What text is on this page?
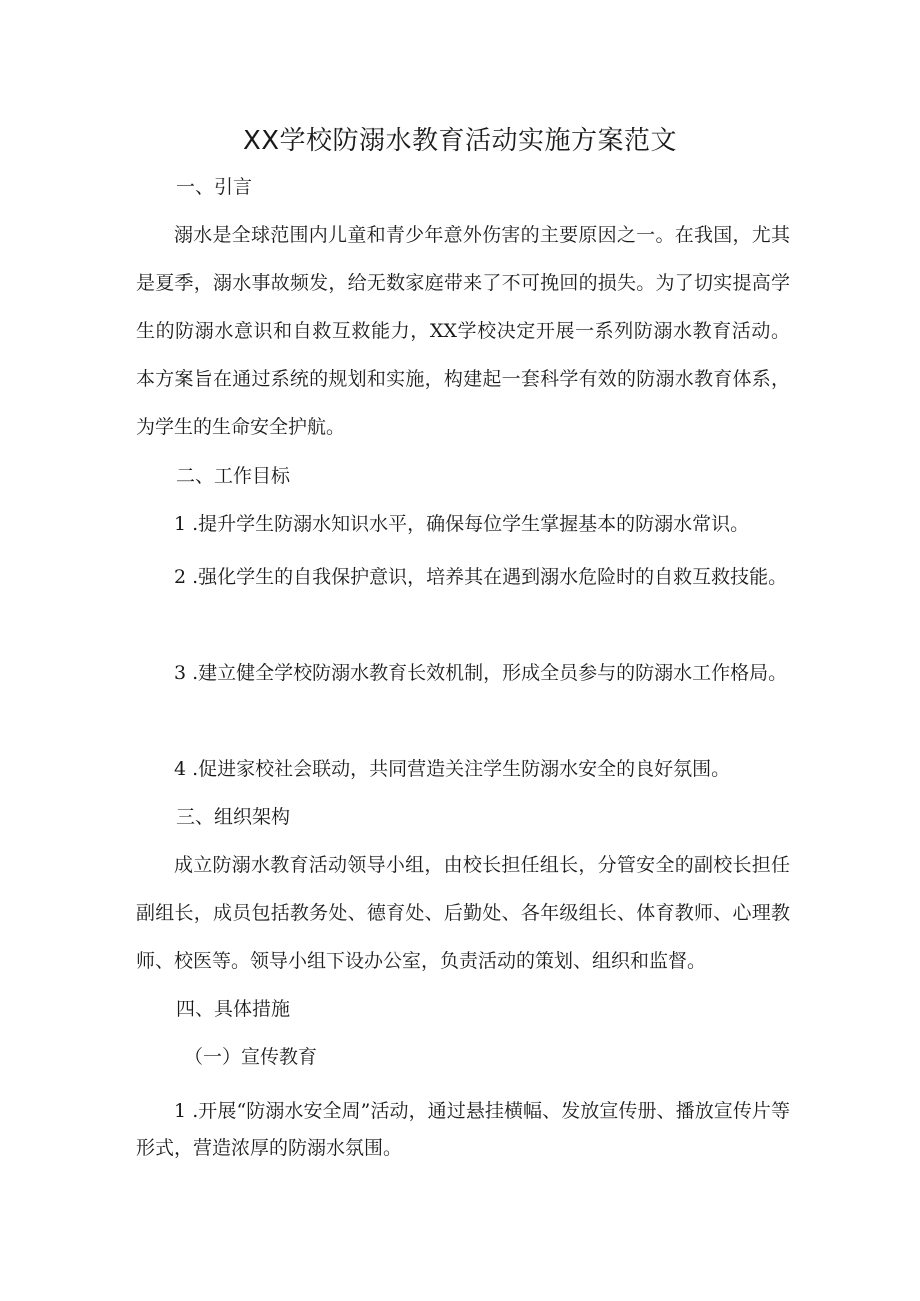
XX学校防溺水教育活动实施方案范文

一、引言

溺水是全球范围内儿童和青少年意外伤害的主要原因之一。在我国，尤其是夏季，溺水事故频发，给无数家庭带来了不可挽回的损失。为了切实提高学生的防溺水意识和自救互救能力，XX学校决定开展一系列防溺水教育活动。本方案旨在通过系统的规划和实施，构建起一套科学有效的防溺水教育体系，为学生的生命安全护航。

二、工作目标

1 .提升学生防溺水知识水平，确保每位学生掌握基本的防溺水常识。

2 .强化学生的自我保护意识，培养其在遇到溺水危险时的自救互救技能。

3 .建立健全学校防溺水教育长效机制，形成全员参与的防溺水工作格局。

4 .促进家校社会联动，共同营造关注学生防溺水安全的良好氛围。

三、组织架构

成立防溺水教育活动领导小组，由校长担任组长，分管安全的副校长担任副组长，成员包括教务处、德育处、后勤处、各年级组长、体育教师、心理教师、校医等。领导小组下设办公室，负责活动的策划、组织和监督。

四、具体措施

（一）宣传教育

1 .开展“防溺水安全周”活动，通过悬挂横幅、发放宣传册、播放宣传片等形式，营造浓厚的防溺水氛围。
